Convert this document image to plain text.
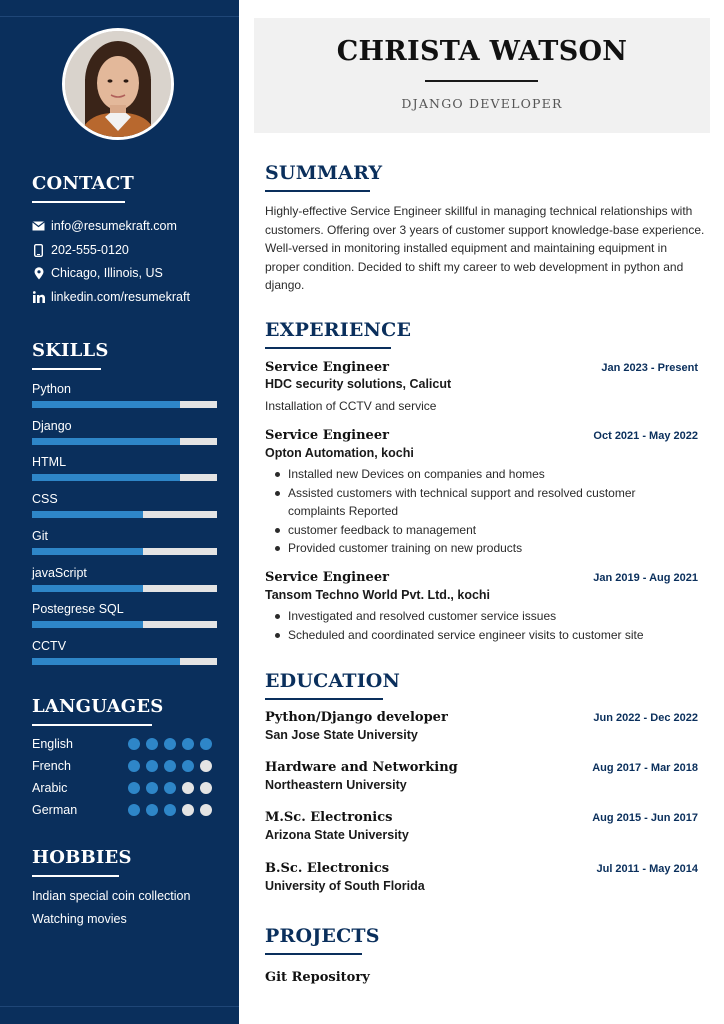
CONTACT
info@resumekraft.com
202-555-0120
Chicago, Illinois, US
linkedin.com/resumekraft
SKILLS
Python
Django
HTML
CSS
Git
javaScript
Postegrese SQL
CCTV
LANGUAGES
English
French
Arabic
German
HOBBIES
Indian special coin collection
Watching movies
CHRISTA WATSON
DJANGO DEVELOPER
SUMMARY
Highly-effective Service Engineer skillful in managing technical relationships with customers. Offering over 3 years of customer support knowledge-base experience. Well-versed in monitoring installed equipment and maintaining equipment in proper condition. Decided to shift my career to web development in python and django.
EXPERIENCE
Service Engineer	Jan 2023 - Present
HDC security solutions, Calicut
Installation of CCTV and service
Service Engineer	Oct 2021 - May 2022
Opton Automation, kochi
Installed new Devices on companies and homes
Assisted customers with technical support and resolved customer complaints Reported
customer feedback to management
Provided customer training on new products
Service Engineer	Jan 2019 - Aug 2021
Tansom Techno World Pvt. Ltd., kochi
Investigated and resolved customer service issues
Scheduled and coordinated service engineer visits to customer site
EDUCATION
Python/Django developer	Jun 2022 - Dec 2022
San Jose State University
Hardware and Networking	Aug 2017 - Mar 2018
Northeastern University
M.Sc. Electronics	Aug 2015 - Jun 2017
Arizona State University
B.Sc. Electronics	Jul 2011 - May 2014
University of South Florida
PROJECTS
Git Repository
